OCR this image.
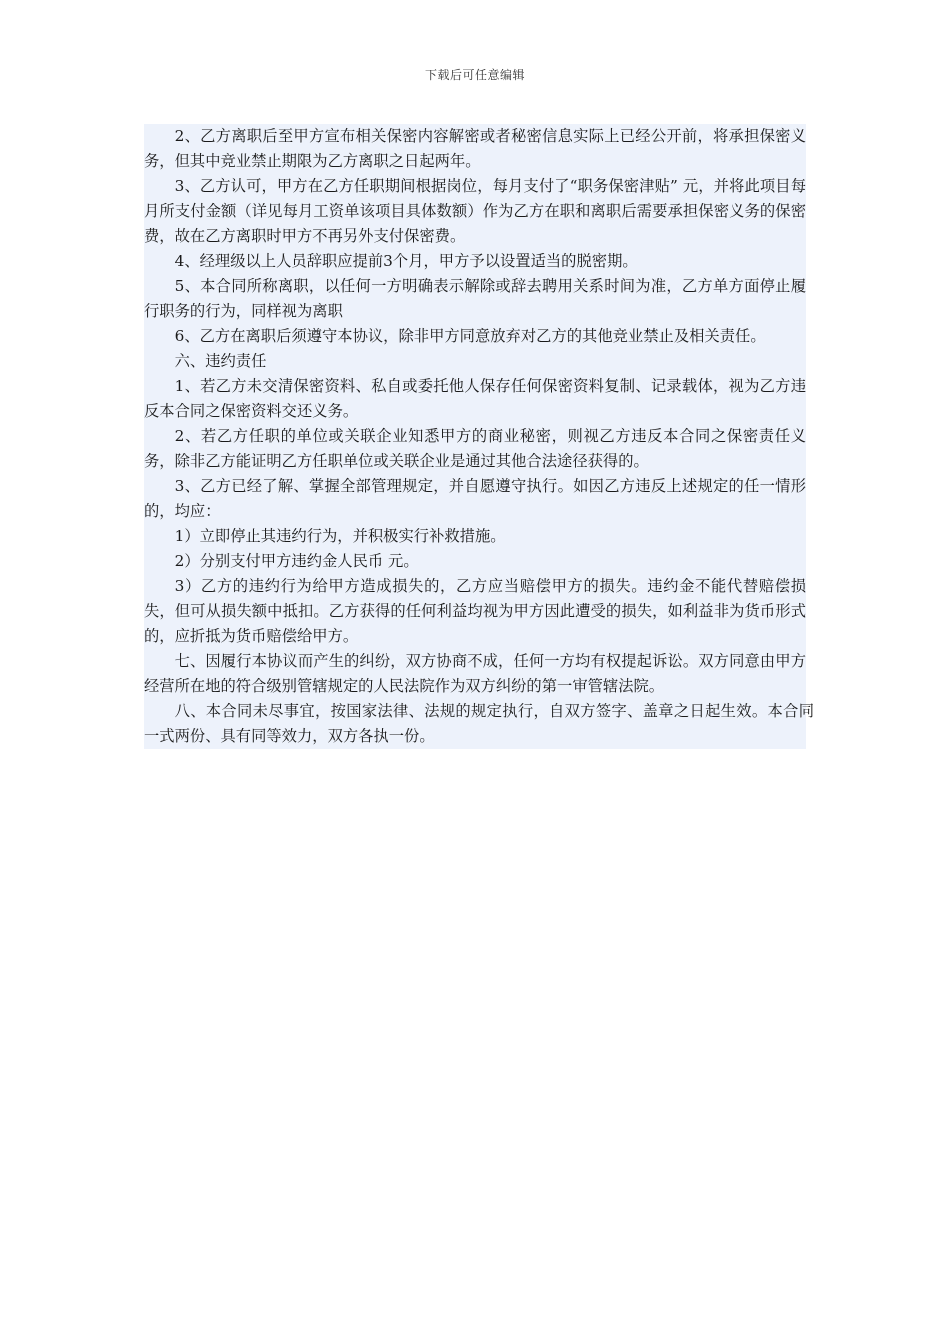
下载后可任意编辑

2、乙方离职后至甲方宣布相关保密内容解密或者秘密信息实际上已经公开前，将承担保密义务，但其中竞业禁止期限为乙方离职之日起两年。

3、乙方认可，甲方在乙方任职期间根据岗位，每月支付了“职务保密津贴” 元，并将此项目每月所支付金额（详见每月工资单该项目具体数额）作为乙方在职和离职后需要承担保密义务的保密费，故在乙方离职时甲方不再另外支付保密费。

4、经理级以上人员辞职应提前3个月，甲方予以设置适当的脱密期。

5、本合同所称离职，以任何一方明确表示解除或辞去聘用关系时间为准，乙方单方面停止履行职务的行为，同样视为离职

6、乙方在离职后须遵守本协议，除非甲方同意放弃对乙方的其他竞业禁止及相关责任。

六、违约责任

1、若乙方未交清保密资料、私自或委托他人保存任何保密资料复制、记录载体，视为乙方违反本合同之保密资料交还义务。

2、若乙方任职的单位或关联企业知悉甲方的商业秘密，则视乙方违反本合同之保密责任义务，除非乙方能证明乙方任职单位或关联企业是通过其他合法途径获得的。

3、乙方已经了解、掌握全部管理规定，并自愿遵守执行。如因乙方违反上述规定的任一情形的，均应：

1）立即停止其违约行为，并积极实行补救措施。

2）分别支付甲方违约金人民币 元。

3）乙方的违约行为给甲方造成损失的，乙方应当赔偿甲方的损失。违约金不能代替赔偿损失，但可从损失额中抵扣。乙方获得的任何利益均视为甲方因此遭受的损失，如利益非为货币形式的，应折抵为货币赔偿给甲方。

七、因履行本协议而产生的纠纷，双方协商不成，任何一方均有权提起诉讼。双方同意由甲方经营所在地的符合级别管辖规定的人民法院作为双方纠纷的第一审管辖法院。

八、本合同未尽事宜，按国家法律、法规的规定执行，自双方签字、盖章之日起生效。本合同一式两份、具有同等效力，双方各执一份。
